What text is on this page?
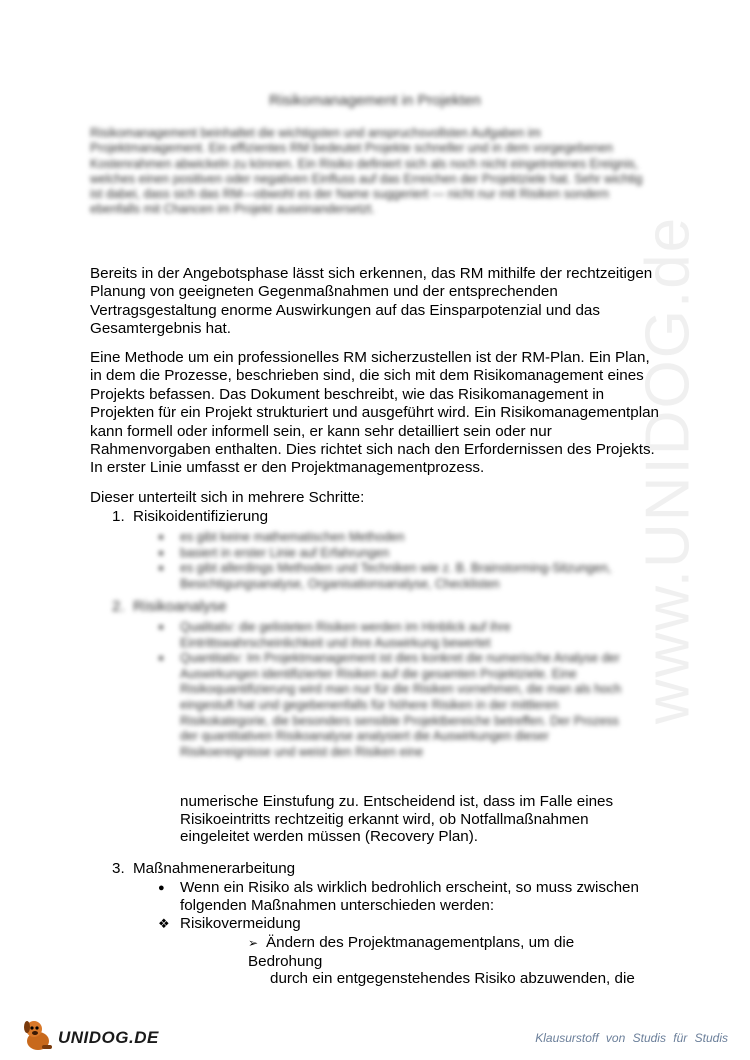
www.UNIDOG.de
Risikomanagement in Projekten
Risikomanagement beinhaltet die wichtigsten und anspruchsvollsten Aufgaben im Projektmanagement. Ein effizientes RM bedeutet Projekte schneller und in dem vorgegebenen Kostenrahmen abwickeln zu können. Ein Risiko definiert sich als noch nicht eingetretenes Ereignis, welches einen positiven oder negativen Einfluss auf das Erreichen der Projektziele hat. Sehr wichtig ist dabei, dass sich das RM—obwohl es der Name suggeriert — nicht nur mit Risiken sondern ebenfalls mit Chancen im Projekt auseinandersetzt.

Bereits in der Angebotsphase lässt sich erkennen, das RM mithilfe der rechtzeitigen Planung von geeigneten Gegenmaßnahmen und der entsprechenden Vertragsgestaltung enorme Auswirkungen auf das Einsparpotenzial und das Gesamtergebnis hat.

Eine Methode um ein professionelles RM sicherzustellen ist der RM-Plan. Ein Plan, in dem die Prozesse, beschrieben sind, die sich mit dem Risikomanagement eines Projekts befassen. Das Dokument beschreibt, wie das Risikomanagement in Projekten für ein Projekt strukturiert und ausgeführt wird. Ein Risikomanagementplan kann formell oder informell sein, er kann sehr detailliert sein oder nur Rahmenvorgaben enthalten. Dies richtet sich nach den Erfordernissen des Projekts. In erster Linie umfasst er den Projektmanagementprozess.

Dieser unterteilt sich in mehrere Schritte:

1. Risikoidentifizierung
● es gibt keine mathematischen Methoden
● basiert in erster Linie auf Erfahrungen
● es gibt allerdings Methoden und Techniken wie z. B. Brainstorming-Sitzungen, Besichtigungsanalyse, Organisationsanalyse, Checklisten
2. Risikoanalyse
● Qualitativ: die gelisteten Risiken werden im Hinblick auf ihre Eintrittswahrscheinlichkeit und ihre Auswirkung bewertet
● Quantitativ: Im Projektmanagement ist dies konkret die numerische Analyse der Auswirkungen identifizierter Risiken auf die gesamten Projektziele. Eine Risikoquantifizierung wird man nur für die Risiken vornehmen, die man als hoch eingestuft hat und gegebenenfalls für höhere Risiken in der mittleren Risikokategorie, die besonders sensible Projektbereiche betreffen. Der Prozess der quantitativen Risikoanalyse analysiert die Auswirkungen dieser Risikoereignisse und weist den Risiken eine
numerische Einstufung zu. Entscheidend ist, dass im Falle eines Risikoeintritts rechtzeitig erkannt wird, ob Notfallmaßnahmen eingeleitet werden müssen (Recovery Plan).
3. Maßnahmenerarbeitung
● Wenn ein Risiko als wirklich bedrohlich erscheint, so muss zwischen folgenden Maßnahmen unterschieden werden:
❖ Risikovermeidung
➢ Ändern des Projektmanagementplans, um die Bedrohung
durch ein entgegenstehendes Risiko abzuwenden, die
UNIDOG.DE	Klausurstoff von Studis für Studis
